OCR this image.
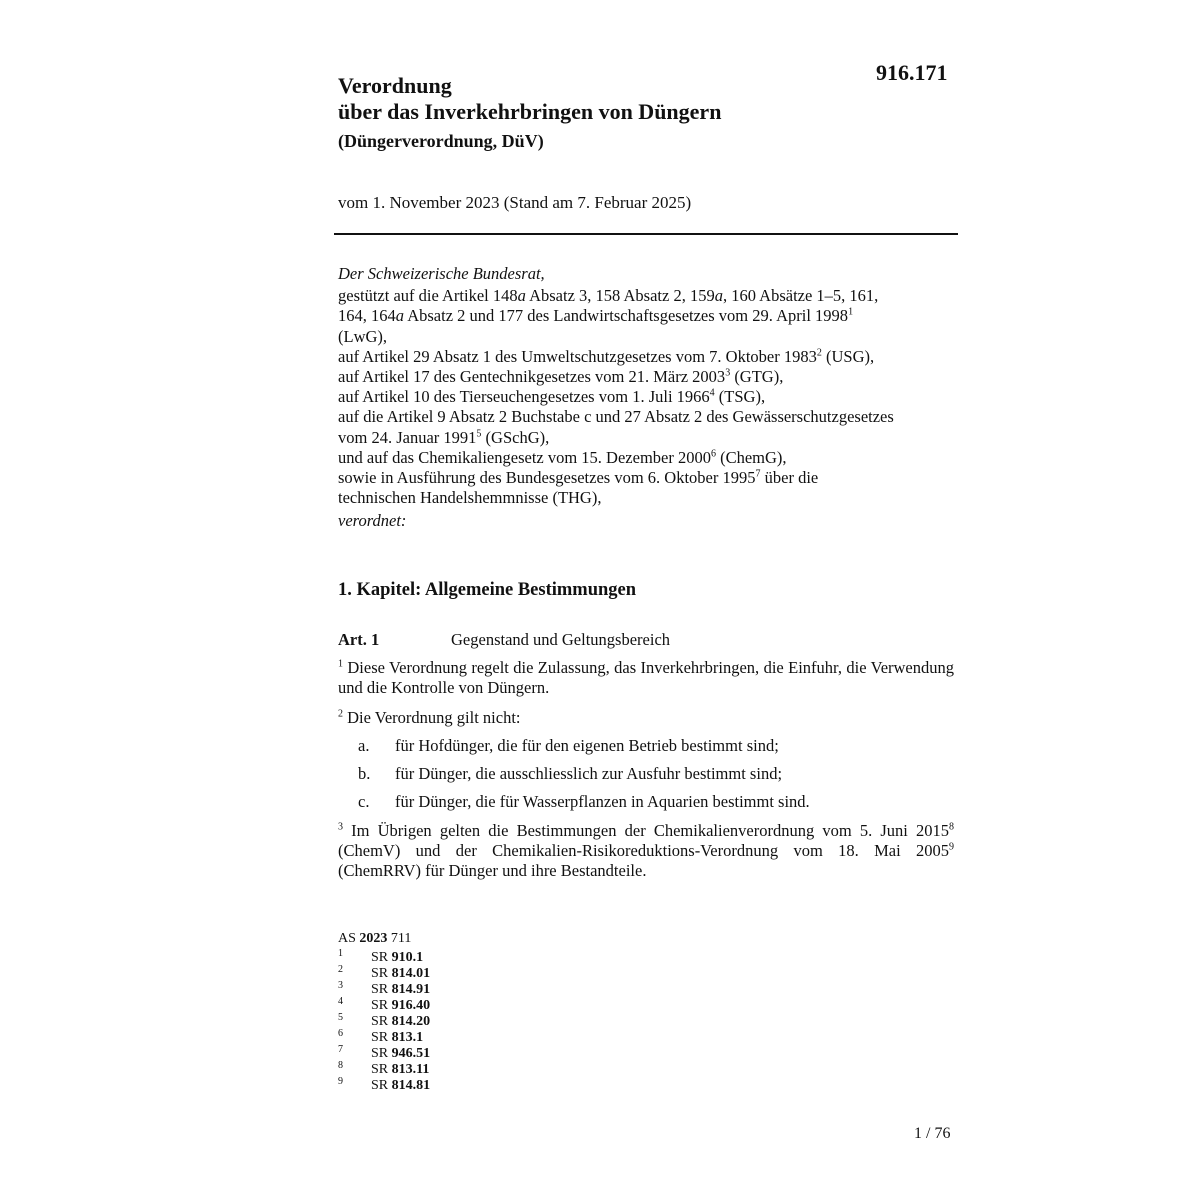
916.171
Verordnung
über das Inverkehrbringen von Düngern
(Düngerverordnung, DüV)
vom 1. November 2023 (Stand am 7. Februar 2025)
Der Schweizerische Bundesrat,
gestützt auf die Artikel 148a Absatz 3, 158 Absatz 2, 159a, 160 Absätze 1–5, 161,
164, 164a Absatz 2 und 177 des Landwirtschaftsgesetzes vom 29. April 1998$^1$
(LwG),
auf Artikel 29 Absatz 1 des Umweltschutzgesetzes vom 7. Oktober 1983$^2$ (USG),
auf Artikel 17 des Gentechnikgesetzes vom 21. März 2003$^3$ (GTG),
auf Artikel 10 des Tierseuchengesetzes vom 1. Juli 1966$^4$ (TSG),
auf die Artikel 9 Absatz 2 Buchstabe c und 27 Absatz 2 des Gewässerschutzgesetzes
vom 24. Januar 1991$^5$ (GSchG),
und auf das Chemikaliengesetz vom 15. Dezember 2000$^6$ (ChemG),
sowie in Ausführung des Bundesgesetzes vom 6. Oktober 1995$^7$ über die
technischen Handelshemmnisse (THG),
verordnet:
1. Kapitel: Allgemeine Bestimmungen
Art. 1	Gegenstand und Geltungsbereich
$^1$ Diese Verordnung regelt die Zulassung, das Inverkehrbringen, die Einfuhr, die Verwendung und die Kontrolle von Düngern.
$^2$ Die Verordnung gilt nicht:
a. für Hofdünger, die für den eigenen Betrieb bestimmt sind;
b. für Dünger, die ausschliesslich zur Ausfuhr bestimmt sind;
c. für Dünger, die für Wasserpflanzen in Aquarien bestimmt sind.
$^3$ Im Übrigen gelten die Bestimmungen der Chemikalienverordnung vom 5. Juni 2015$^8$ (ChemV) und der Chemikalien-Risikoreduktions-Verordnung vom 18. Mai 2005$^9$ (ChemRRV) für Dünger und ihre Bestandteile.
AS 2023 711
1 SR 910.1
2 SR 814.01
3 SR 814.91
4 SR 916.40
5 SR 814.20
6 SR 813.1
7 SR 946.51
8 SR 813.11
9 SR 814.81
1 / 76
